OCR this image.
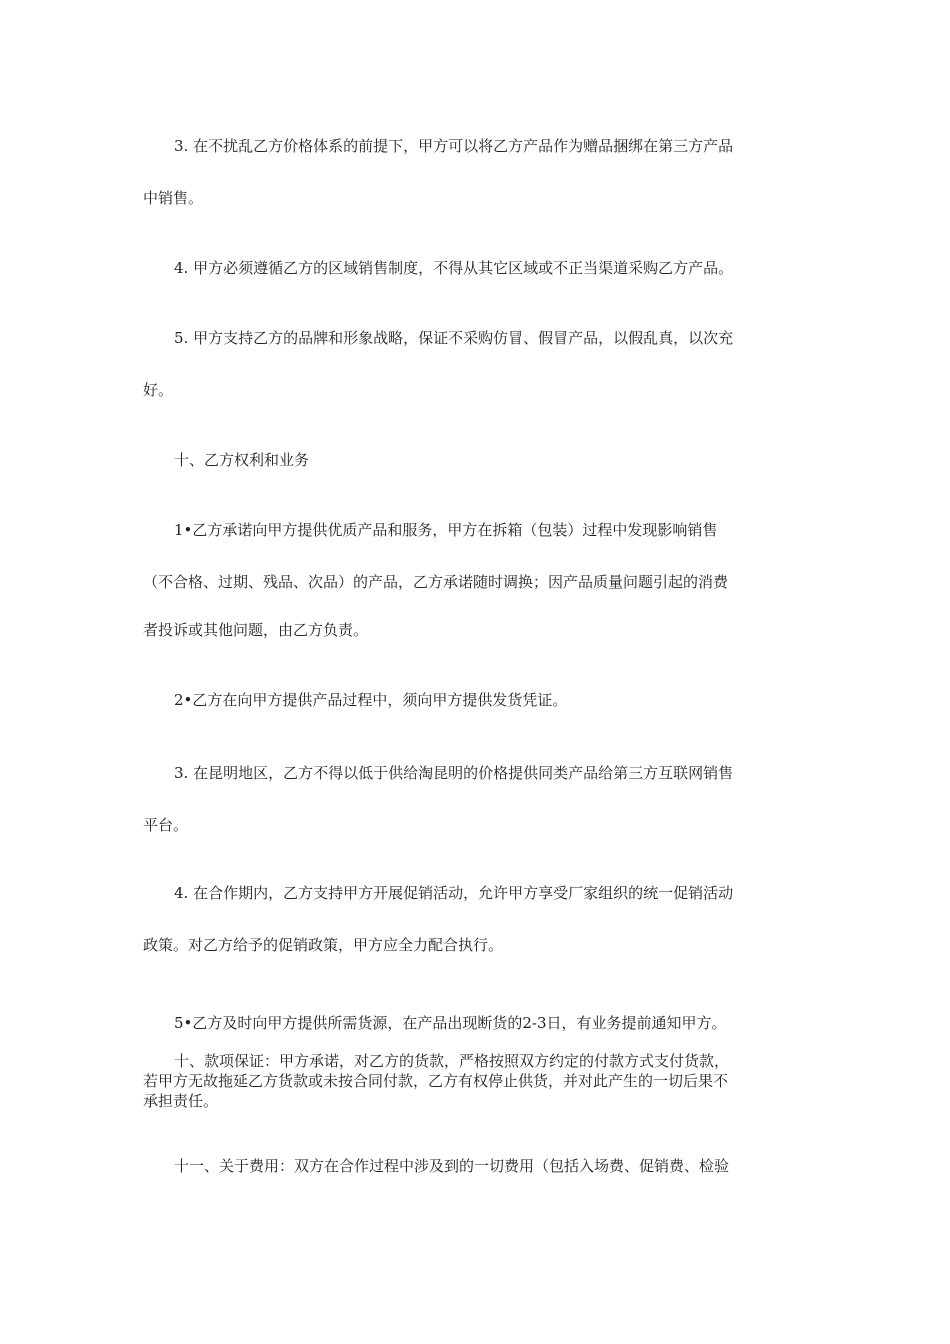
3. 在不扰乱乙方价格体系的前提下，甲方可以将乙方产品作为赠品捆绑在第三方产品
中销售。
4. 甲方必须遵循乙方的区域销售制度，不得从其它区域或不正当渠道采购乙方产品。
5. 甲方支持乙方的品牌和形象战略，保证不采购仿冒、假冒产品，以假乱真，以次充
好。
十、乙方权利和业务
1•乙方承诺向甲方提供优质产品和服务，甲方在拆箱（包装）过程中发现影响销售
（不合格、过期、残品、次品）的产品，乙方承诺随时调换；因产品质量问题引起的消费
者投诉或其他问题，由乙方负责。
2•乙方在向甲方提供产品过程中，须向甲方提供发货凭证。
3. 在昆明地区，乙方不得以低于供给淘昆明的价格提供同类产品给第三方互联网销售
平台。
4. 在合作期内，乙方支持甲方开展促销活动，允许甲方享受厂家组织的统一促销活动
政策。对乙方给予的促销政策，甲方应全力配合执行。
5•乙方及时向甲方提供所需货源，在产品出现断货的2-3日，有业务提前通知甲方。
十、款项保证：甲方承诺，对乙方的货款，严格按照双方约定的付款方式支付货款，
若甲方无故拖延乙方货款或未按合同付款，乙方有权停止供货，并对此产生的一切后果不
承担责任。
十一、关于费用：双方在合作过程中涉及到的一切费用（包括入场费、促销费、检验
